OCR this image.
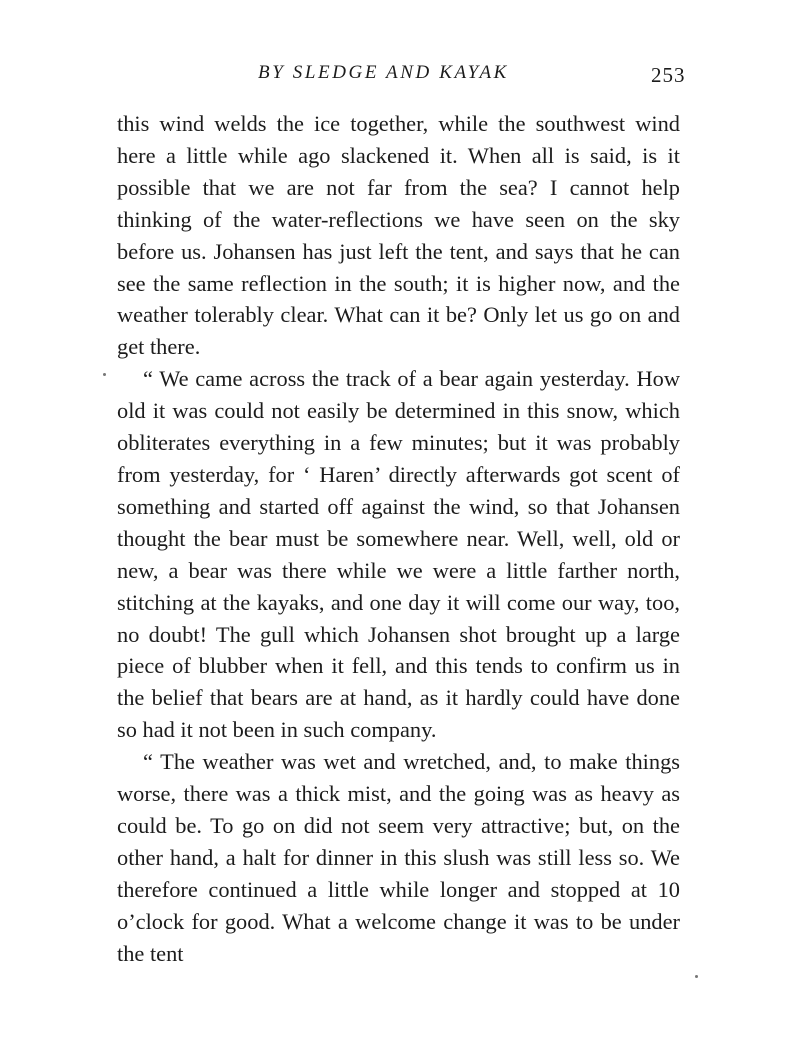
BY SLEDGE AND KAYAK	253

this wind welds the ice together, while the southwest wind here a little while ago slackened it. When all is said, is it possible that we are not far from the sea? I cannot help thinking of the water-reflections we have seen on the sky before us. Johansen has just left the tent, and says that he can see the same reflection in the south; it is higher now, and the weather tolerably clear. What can it be? Only let us go on and get there.

“ We came across the track of a bear again yesterday. How old it was could not easily be determined in this snow, which obliterates everything in a few minutes; but it was probably from yesterday, for ‘ Haren’ directly afterwards got scent of something and started off against the wind, so that Johansen thought the bear must be somewhere near. Well, well, old or new, a bear was there while we were a little farther north, stitching at the kayaks, and one day it will come our way, too, no doubt! The gull which Johansen shot brought up a large piece of blubber when it fell, and this tends to confirm us in the belief that bears are at hand, as it hardly could have done so had it not been in such company.

“ The weather was wet and wretched, and, to make things worse, there was a thick mist, and the going was as heavy as could be. To go on did not seem very attractive; but, on the other hand, a halt for dinner in this slush was still less so. We therefore continued a little while longer and stopped at 10 o’clock for good. What a welcome change it was to be under the tent
